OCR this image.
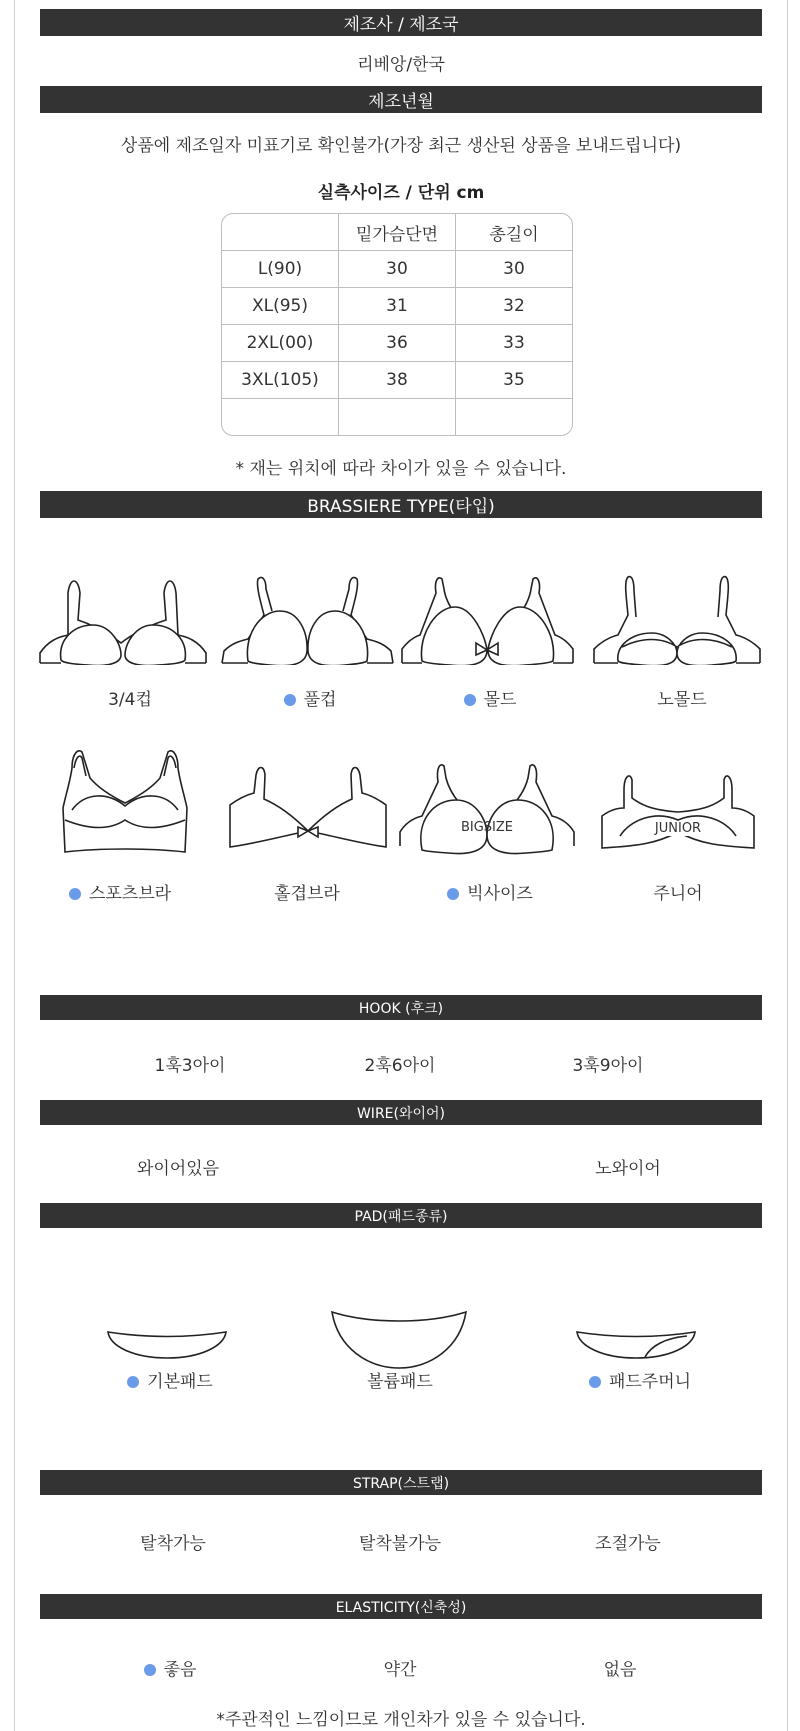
제조사 / 제조국
리베앙/한국
제조년월
상품에 제조일자 미표기로 확인불가(가장 최근 생산된 상품을 보내드립니다)
실측사이즈 / 단위 cm
	밑가슴단면	총길이
L(90)	30	30
XL(95)	31	32
2XL(00)	36	33
3XL(105)	38	35

* 재는 위치에 따라 차이가 있을 수 있습니다.
BRASSIERE TYPE(타입)
3/4컵	풀컵	몰드	노몰드
BIGSIZE	JUNIOR
스포츠브라	홀겹브라	빅사이즈	주니어
HOOK (후크)
1훅3아이	2훅6아이	3훅9아이
WIRE(와이어)
와이어있음	노와이어
PAD(패드종류)
기본패드	볼륨패드	패드주머니
STRAP(스트랩)
탈착가능	탈착불가능	조절가능
ELASTICITY(신축성)
좋음	약간	없음
*주관적인 느낌이므로 개인차가 있을 수 있습니다.
